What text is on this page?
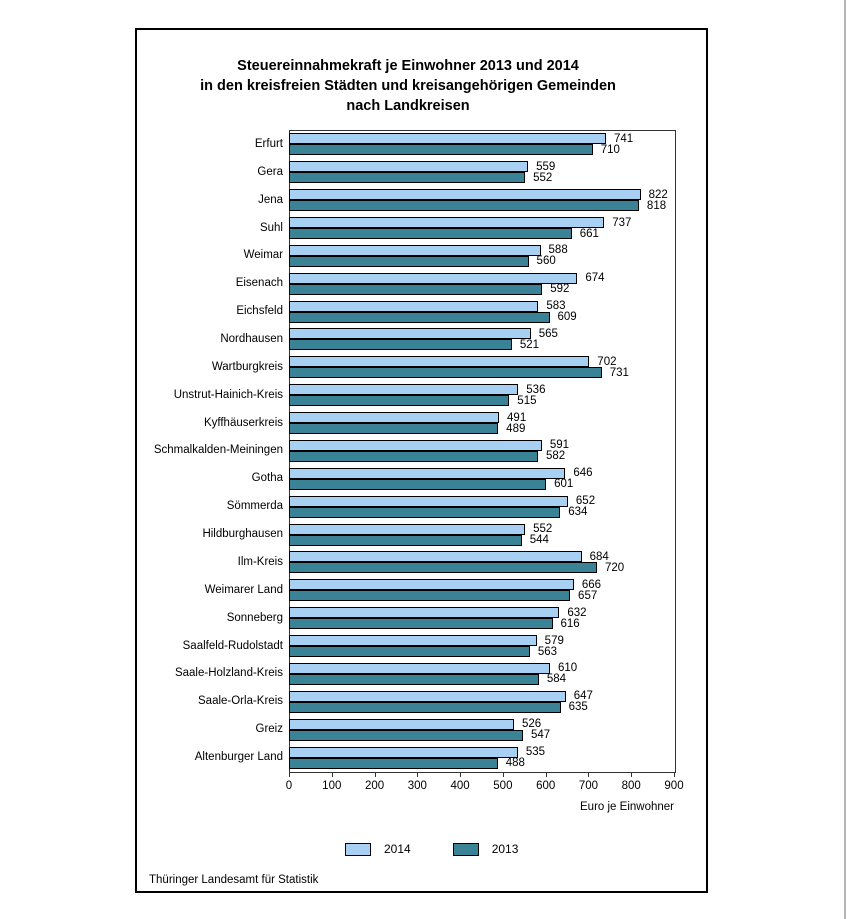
Steuereinnahmekraft je Einwohner 2013 und 2014
in den kreisfreien Städten und kreisangehörigen Gemeinden
nach Landkreisen
Erfurt	741
710
Gera	559
552
Jena	822
818
Suhl	737
661
Weimar	588
560
Eisenach	674
592
Eichsfeld	583
609
Nordhausen	565
521
Wartburgkreis	702
731
Unstrut-Hainich-Kreis	536
515
Kyffhäuserkreis	491
489
Schmalkalden-Meiningen	591
582
Gotha	646
601
Sömmerda	652
634
Hildburghausen	552
544
Ilm-Kreis	684
720
Weimarer Land	666
657
Sonneberg	632
616
Saalfeld-Rudolstadt	579
563
Saale-Holzland-Kreis	610
584
Saale-Orla-Kreis	647
635
Greiz	526
547
Altenburger Land	535
488
0	100	200	300	400	500	600	700	800	900
Euro je Einwohner
2014	2013
Thüringer Landesamt für Statistik
